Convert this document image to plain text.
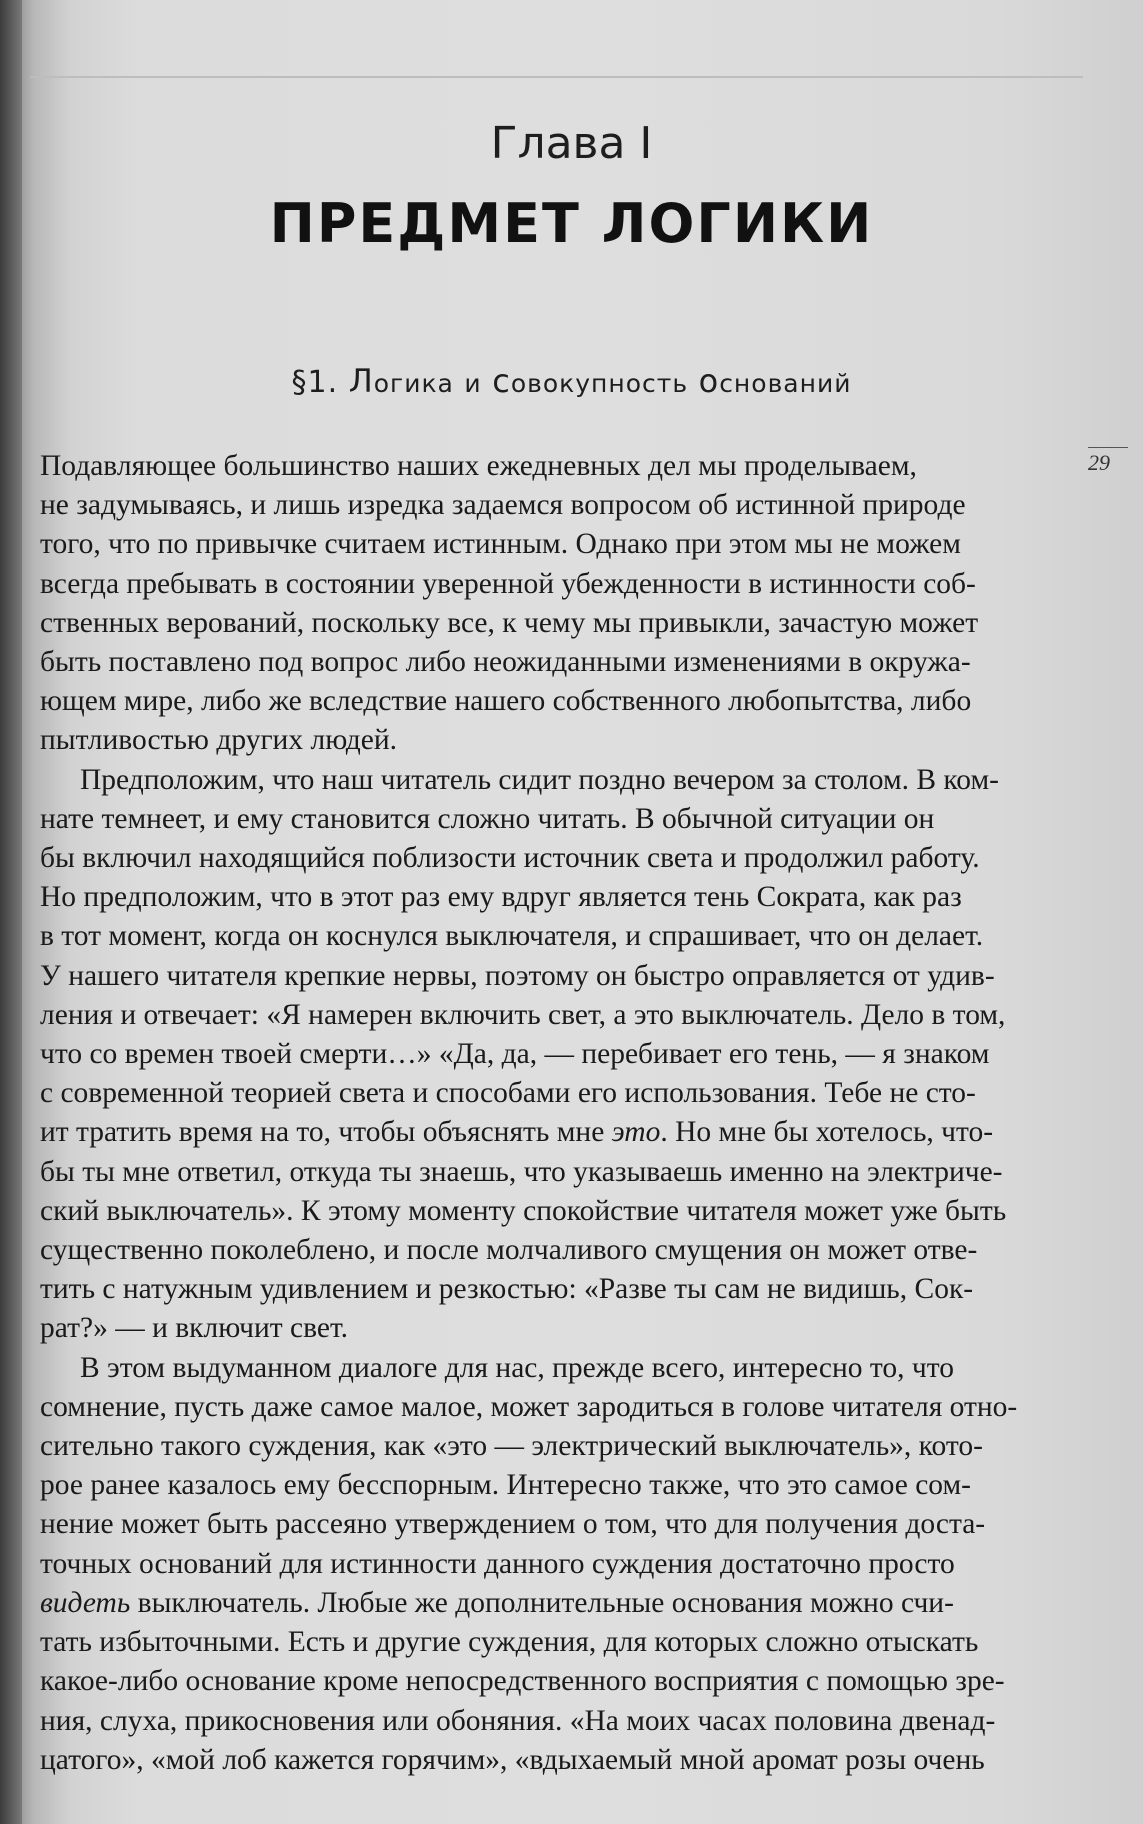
Глава I
ПРЕДМЕТ ЛОГИКИ
§1. Логика и совокупность оснований
29
Подавляющее большинство наших ежедневных дел мы проделываем,
не задумываясь, и лишь изредка задаемся вопросом об истинной природе
того, что по привычке считаем истинным. Однако при этом мы не можем
всегда пребывать в состоянии уверенной убежденности в истинности соб-
ственных верований, поскольку все, к чему мы привыкли, зачастую может
быть поставлено под вопрос либо неожиданными изменениями в окружа-
ющем мире, либо же вследствие нашего собственного любопытства, либо
пытливостью других людей.
Предположим, что наш читатель сидит поздно вечером за столом. В ком-
нате темнеет, и ему становится сложно читать. В обычной ситуации он
бы включил находящийся поблизости источник света и продолжил работу.
Но предположим, что в этот раз ему вдруг является тень Сократа, как раз
в тот момент, когда он коснулся выключателя, и спрашивает, что он делает.
У нашего читателя крепкие нервы, поэтому он быстро оправляется от удив-
ления и отвечает: «Я намерен включить свет, а это выключатель. Дело в том,
что со времен твоей смерти…» «Да, да, — перебивает его тень, — я знаком
с современной теорией света и способами его использования. Тебе не сто-
ит тратить время на то, чтобы объяснять мне это. Но мне бы хотелось, что-
бы ты мне ответил, откуда ты знаешь, что указываешь именно на электриче-
ский выключатель». К этому моменту спокойствие читателя может уже быть
существенно поколеблено, и после молчаливого смущения он может отве-
тить с натужным удивлением и резкостью: «Разве ты сам не видишь, Сок-
рат?» — и включит свет.
В этом выдуманном диалоге для нас, прежде всего, интересно то, что
сомнение, пусть даже самое малое, может зародиться в голове читателя отно-
сительно такого суждения, как «это — электрический выключатель», кото-
рое ранее казалось ему бесспорным. Интересно также, что это самое сом-
нение может быть рассеяно утверждением о том, что для получения доста-
точных оснований для истинности данного суждения достаточно просто
видеть выключатель. Любые же дополнительные основания можно счи-
тать избыточными. Есть и другие суждения, для которых сложно отыскать
какое-либо основание кроме непосредственного восприятия с помощью зре-
ния, слуха, прикосновения или обоняния. «На моих часах половина двенад-
цатого», «мой лоб кажется горячим», «вдыхаемый мной аромат розы очень
